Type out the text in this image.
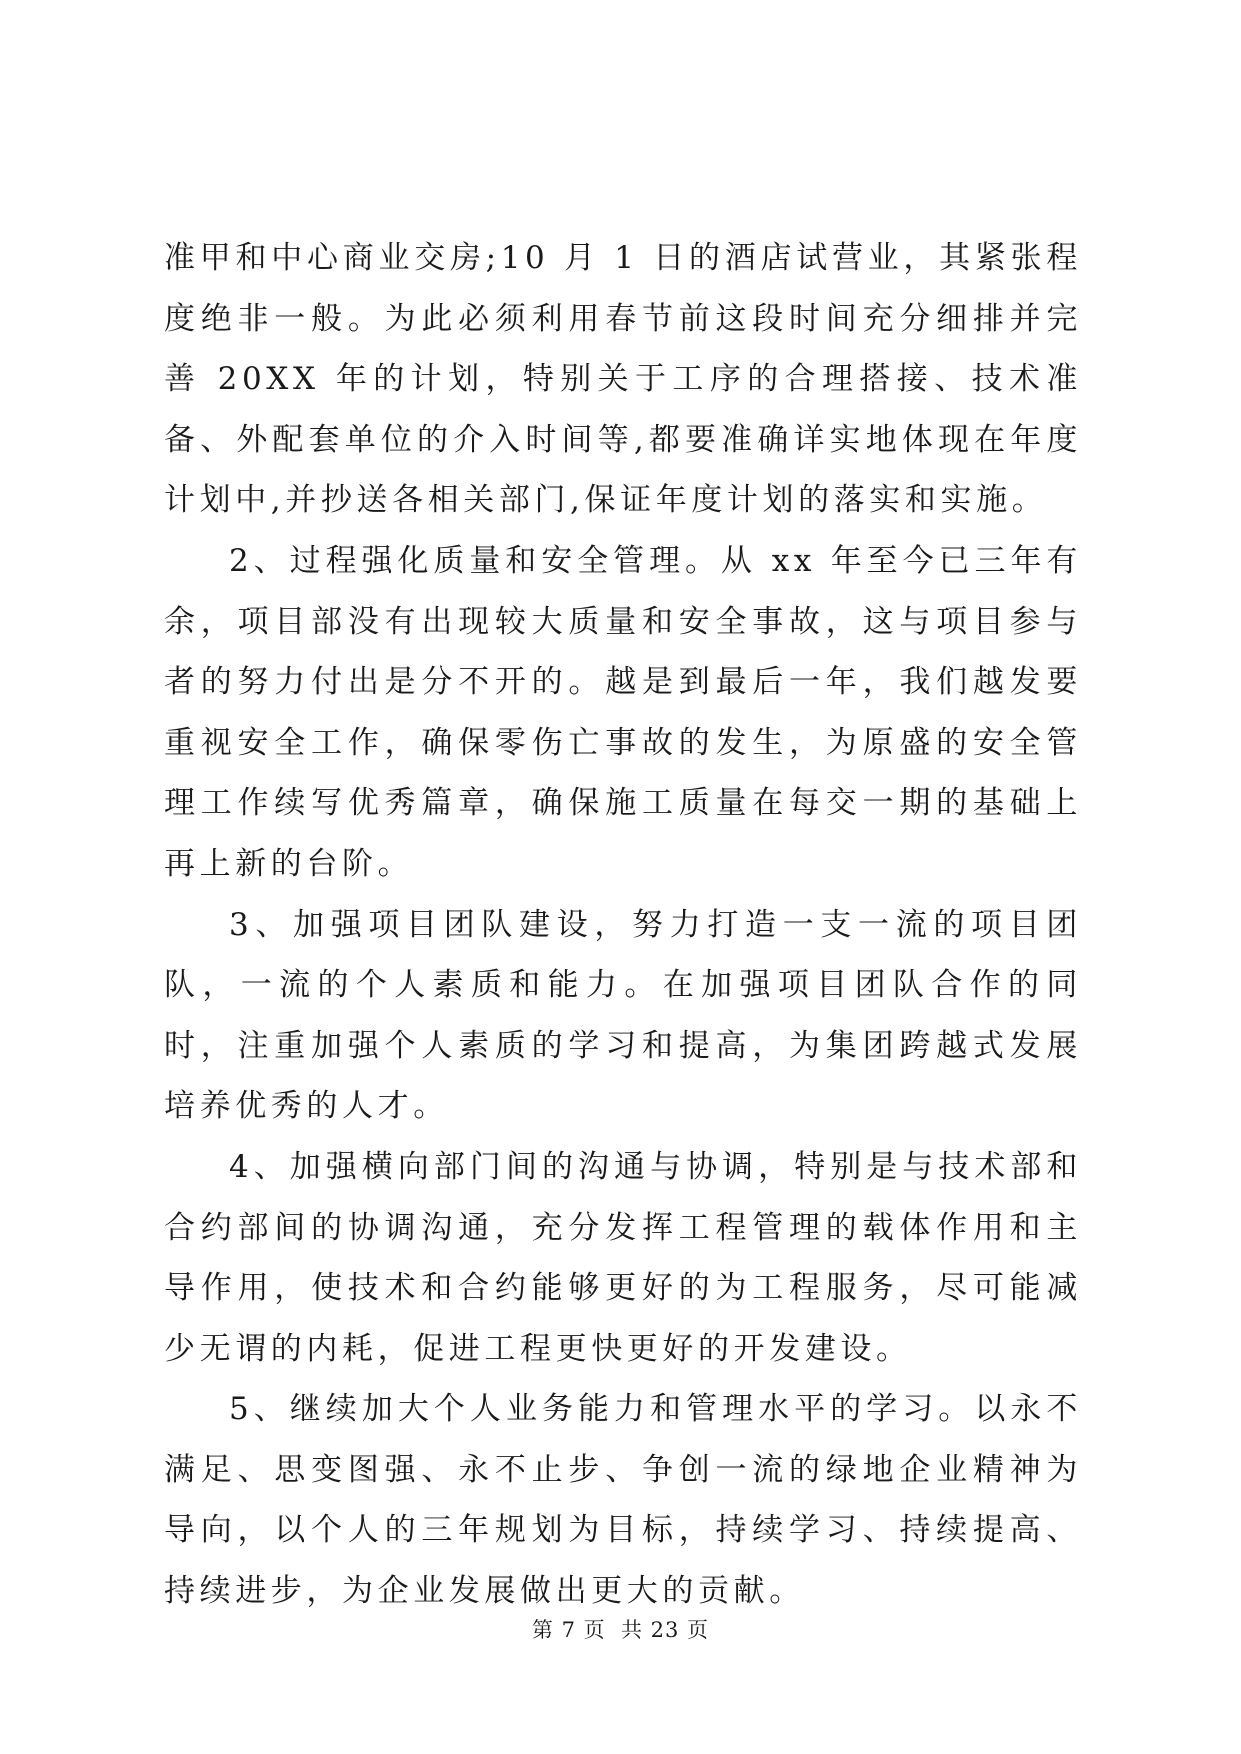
准甲和中心商业交房;10 月 1 日的酒店试营业，其紧张程度绝非一般。为此必须利用春节前这段时间充分细排并完善 20XX 年的计划，特别关于工序的合理搭接、技术准备、外配套单位的介入时间等,都要准确详实地体现在年度计划中,并抄送各相关部门,保证年度计划的落实和实施。

2、过程强化质量和安全管理。从 xx 年至今已三年有余，项目部没有出现较大质量和安全事故，这与项目参与者的努力付出是分不开的。越是到最后一年，我们越发要重视安全工作，确保零伤亡事故的发生，为原盛的安全管理工作续写优秀篇章，确保施工质量在每交一期的基础上再上新的台阶。

3、加强项目团队建设，努力打造一支一流的项目团队，一流的个人素质和能力。在加强项目团队合作的同时，注重加强个人素质的学习和提高，为集团跨越式发展培养优秀的人才。

4、加强横向部门间的沟通与协调，特别是与技术部和合约部间的协调沟通，充分发挥工程管理的载体作用和主导作用，使技术和合约能够更好的为工程服务，尽可能减少无谓的内耗，促进工程更快更好的开发建设。

5、继续加大个人业务能力和管理水平的学习。以永不满足、思变图强、永不止步、争创一流的绿地企业精神为导向，以个人的三年规划为目标，持续学习、持续提高、持续进步，为企业发展做出更大的贡献。

第 7 页  共 23 页
